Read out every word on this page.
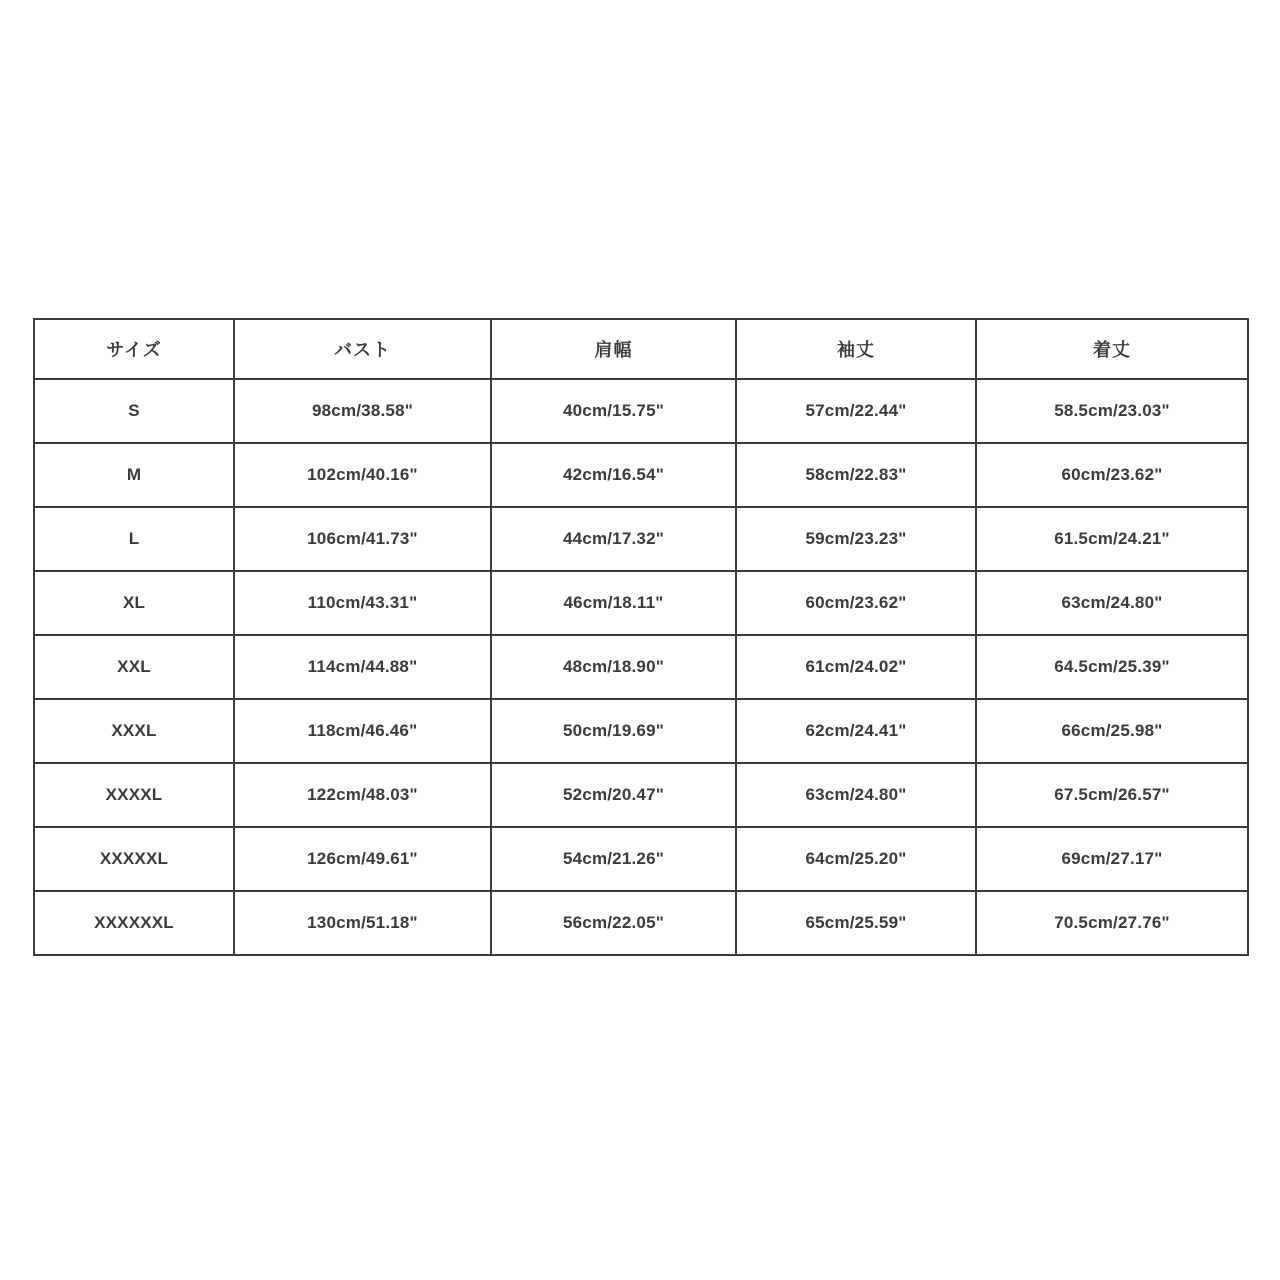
サイズ	バスト	肩幅	袖丈	着丈
S	98cm/38.58"	40cm/15.75"	57cm/22.44"	58.5cm/23.03"
M	102cm/40.16"	42cm/16.54"	58cm/22.83"	60cm/23.62"
L	106cm/41.73"	44cm/17.32"	59cm/23.23"	61.5cm/24.21"
XL	110cm/43.31"	46cm/18.11"	60cm/23.62"	63cm/24.80"
XXL	114cm/44.88"	48cm/18.90"	61cm/24.02"	64.5cm/25.39"
XXXL	118cm/46.46"	50cm/19.69"	62cm/24.41"	66cm/25.98"
XXXXL	122cm/48.03"	52cm/20.47"	63cm/24.80"	67.5cm/26.57"
XXXXXL	126cm/49.61"	54cm/21.26"	64cm/25.20"	69cm/27.17"
XXXXXXL	130cm/51.18"	56cm/22.05"	65cm/25.59"	70.5cm/27.76"
